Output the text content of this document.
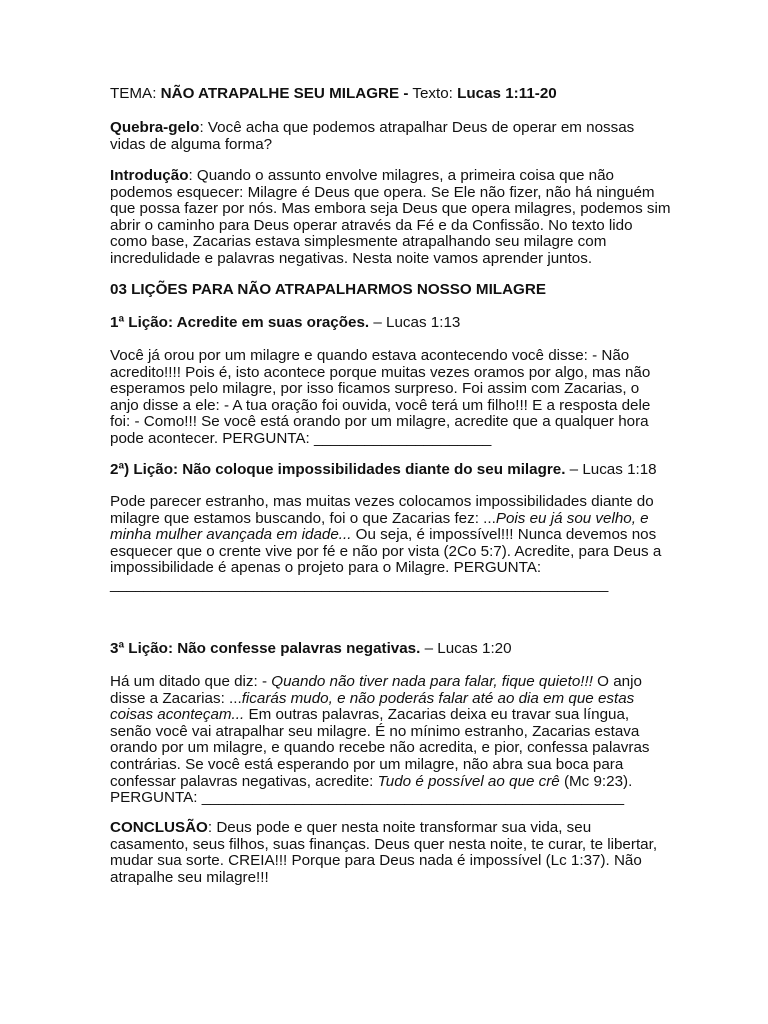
TEMA: NÃO ATRAPALHE SEU MILAGRE - Texto: Lucas 1:11-20

Quebra-gelo: Você acha que podemos atrapalhar Deus de operar em nossas
vidas de alguma forma?

Introdução: Quando o assunto envolve milagres, a primeira coisa que não
podemos esquecer: Milagre é Deus que opera. Se Ele não fizer, não há ninguém
que possa fazer por nós. Mas embora seja Deus que opera milagres, podemos sim
abrir o caminho para Deus operar através da Fé e da Confissão. No texto lido
como base, Zacarias estava simplesmente atrapalhando seu milagre com
incredulidade e palavras negativas. Nesta noite vamos aprender juntos.

03 LIÇÕES PARA NÃO ATRAPALHARMOS NOSSO MILAGRE

1ª Lição: Acredite em suas orações. – Lucas 1:13

Você já orou por um milagre e quando estava acontecendo você disse: - Não
acredito!!!! Pois é, isto acontece porque muitas vezes oramos por algo, mas não
esperamos pelo milagre, por isso ficamos surpreso. Foi assim com Zacarias, o
anjo disse a ele: - A tua oração foi ouvida, você terá um filho!!! E a resposta dele
foi: - Como!!! Se você está orando por um milagre, acredite que a qualquer hora
pode acontecer. PERGUNTA: _____________________

2ª) Lição: Não coloque impossibilidades diante do seu milagre. – Lucas 1:18

Pode parecer estranho, mas muitas vezes colocamos impossibilidades diante do
milagre que estamos buscando, foi o que Zacarias fez: ...Pois eu já sou velho, e
minha mulher avançada em idade... Ou seja, é impossível!!! Nunca devemos nos
esquecer que o crente vive por fé e não por vista (2Co 5:7). Acredite, para Deus a
impossibilidade é apenas o projeto para o Milagre. PERGUNTA:
___________________________________________________________

3ª Lição: Não confesse palavras negativas. – Lucas 1:20

Há um ditado que diz: - Quando não tiver nada para falar, fique quieto!!! O anjo
disse a Zacarias: ...ficarás mudo, e não poderás falar até ao dia em que estas
coisas aconteçam... Em outras palavras, Zacarias deixa eu travar sua língua,
senão você vai atrapalhar seu milagre. É no mínimo estranho, Zacarias estava
orando por um milagre, e quando recebe não acredita, e pior, confessa palavras
contrárias. Se você está esperando por um milagre, não abra sua boca para
confessar palavras negativas, acredite: Tudo é possível ao que crê (Mc 9:23).
PERGUNTA: __________________________________________________

CONCLUSÃO: Deus pode e quer nesta noite transformar sua vida, seu
casamento, seus filhos, suas finanças. Deus quer nesta noite, te curar, te libertar,
mudar sua sorte. CREIA!!! Porque para Deus nada é impossível (Lc 1:37). Não
atrapalhe seu milagre!!!
